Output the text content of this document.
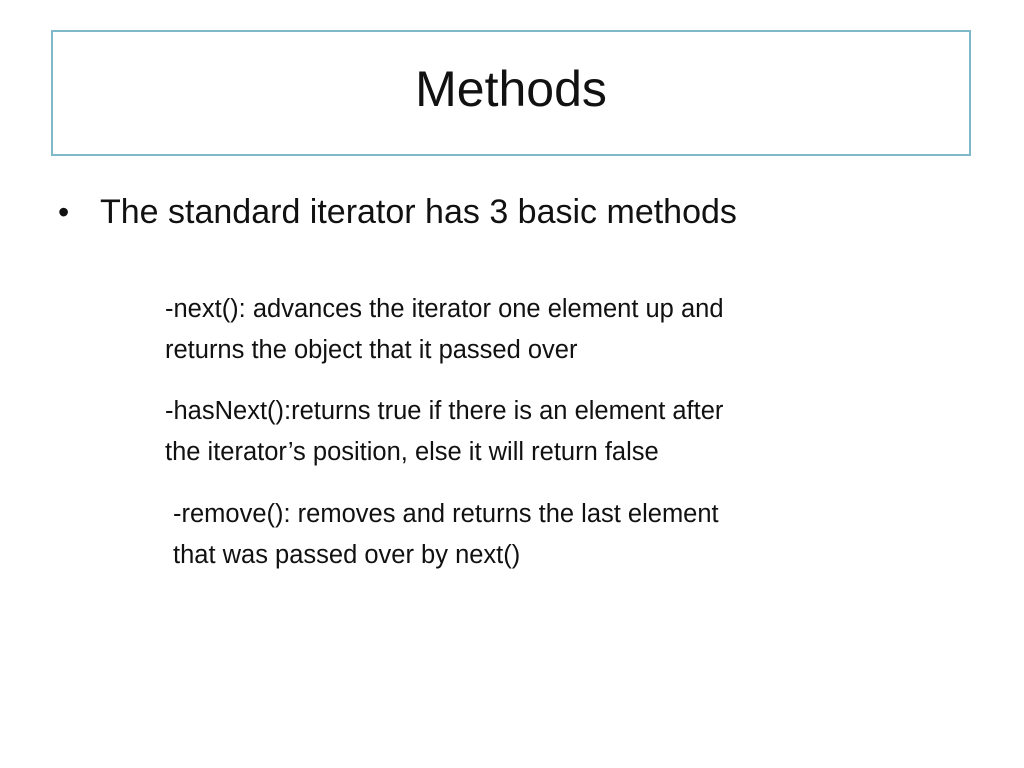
Methods
• The standard iterator has 3 basic methods
-next(): advances the iterator one element up and
returns the object that it passed over
-hasNext():returns true if there is an element after
the iterator’s position, else it will return false
-remove(): removes and returns the last element
that was passed over by next()
